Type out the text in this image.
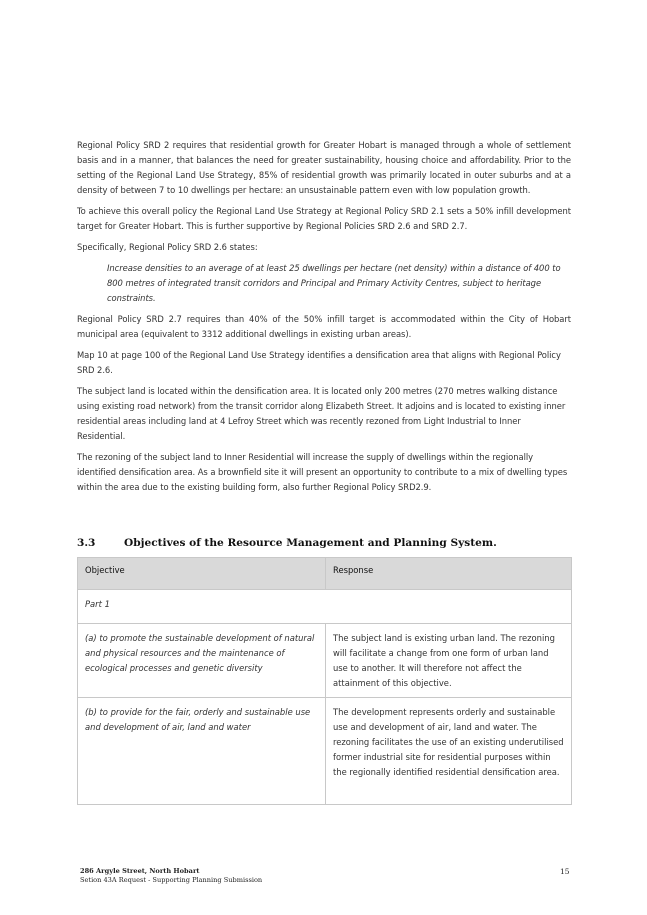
Regional Policy SRD 2 requires that residential growth for Greater Hobart is managed through a whole of settlement basis and in a manner, that balances the need for greater sustainability, housing choice and affordability. Prior to the setting of the Regional Land Use Strategy, 85% of residential growth was primarily located in outer suburbs and at a density of between 7 to 10 dwellings per hectare: an unsustainable pattern even with low population growth.

To achieve this overall policy the Regional Land Use Strategy at Regional Policy SRD 2.1 sets a 50% infill development target for Greater Hobart. This is further supportive by Regional Policies SRD 2.6 and SRD 2.7.

Specifically, Regional Policy SRD 2.6 states:

Increase densities to an average of at least 25 dwellings per hectare (net density) within a distance of 400 to 800 metres of integrated transit corridors and Principal and Primary Activity Centres, subject to heritage constraints.

Regional Policy SRD 2.7 requires than 40% of the 50% infill target is accommodated within the City of Hobart municipal area (equivalent to 3312 additional dwellings in existing urban areas).

Map 10 at page 100 of the Regional Land Use Strategy identifies a densification area that aligns with Regional Policy SRD 2.6.

The subject land is located within the densification area. It is located only 200 metres (270 metres walking distance using existing road network) from the transit corridor along Elizabeth Street. It adjoins and is located to existing inner residential areas including land at 4 Lefroy Street which was recently rezoned from Light Industrial to Inner Residential.

The rezoning of the subject land to Inner Residential will increase the supply of dwellings within the regionally identified densification area. As a brownfield site it will present an opportunity to contribute to a mix of dwelling types within the area due to the existing building form, also further Regional Policy SRD2.9.

3.3	Objectives of the Resource Management and Planning System.
Objective	Response
Part 1	
(a) to promote the sustainable development of natural and physical resources and the maintenance of ecological processes and genetic diversity	The subject land is existing urban land. The rezoning will facilitate a change from one form of urban land use to another. It will therefore not affect the attainment of this objective.
(b) to provide for the fair, orderly and sustainable use and development of air, land and water	The development represents orderly and sustainable use and development of air, land and water. The rezoning facilitates the use of an existing underutilised former industrial site for residential purposes within the regionally identified residential densification area.
286 Argyle Street, North Hobart
Setion 43A Request - Supporting Planning Submission
15
